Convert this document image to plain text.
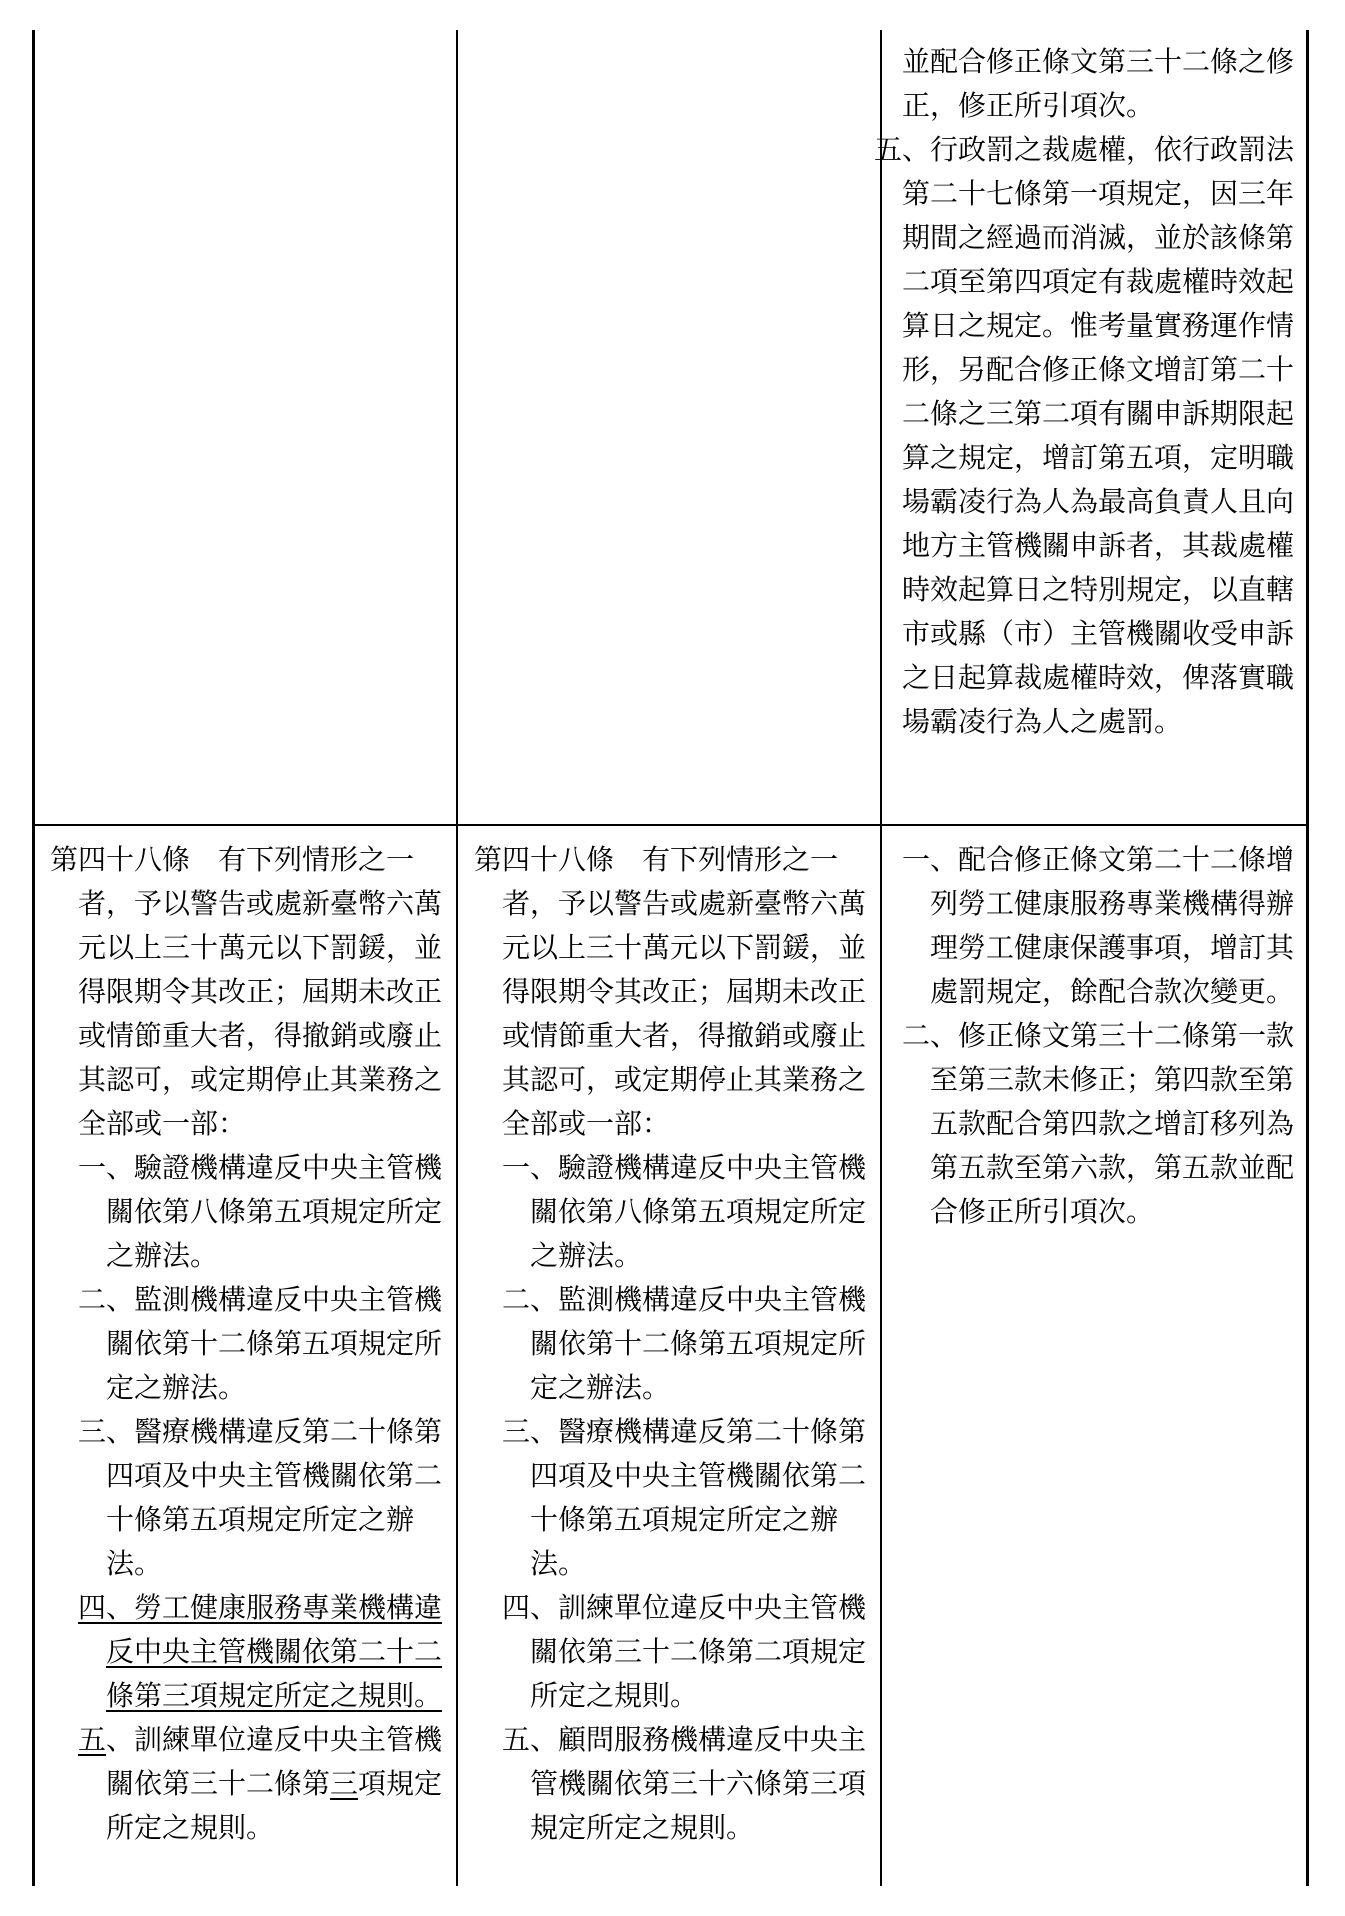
　並配合修正條文第三十二條之修正，修正所引項次。

五、行政罰之裁處權，依行政罰法第二十七條第一項規定，因三年期間之經過而消滅，並於該條第二項至第四項定有裁處權時效起算日之規定。惟考量實務運作情形，另配合修正條文增訂第二十二條之三第二項有關申訴期限起算之規定，增訂第五項，定明職場霸凌行為人為最高負責人且向地方主管機關申訴者，其裁處權時效起算日之特別規定，以直轄市或縣（市）主管機關收受申訴之日起算裁處權時效，俾落實職場霸凌行為人之處罰。

第四十八條　有下列情形之一者，予以警告或處新臺幣六萬元以上三十萬元以下罰鍰，並得限期令其改正；屆期未改正或情節重大者，得撤銷或廢止其認可，或定期停止其業務之全部或一部：

一、驗證機構違反中央主管機關依第八條第五項規定所定之辦法。

二、監測機構違反中央主管機關依第十二條第五項規定所定之辦法。

三、醫療機構違反第二十條第四項及中央主管機關依第二十條第五項規定所定之辦法。

四、勞工健康服務專業機構違反中央主管機關依第二十二條第三項規定所定之規則。

五、訓練單位違反中央主管機關依第三十二條第三項規定所定之規則。

第四十八條　有下列情形之一者，予以警告或處新臺幣六萬元以上三十萬元以下罰鍰，並得限期令其改正；屆期未改正或情節重大者，得撤銷或廢止其認可，或定期停止其業務之全部或一部：

一、驗證機構違反中央主管機關依第八條第五項規定所定之辦法。

二、監測機構違反中央主管機關依第十二條第五項規定所定之辦法。

三、醫療機構違反第二十條第四項及中央主管機關依第二十條第五項規定所定之辦法。

四、訓練單位違反中央主管機關依第三十二條第二項規定所定之規則。

五、顧問服務機構違反中央主管機關依第三十六條第三項規定所定之規則。

一、配合修正條文第二十二條增列勞工健康服務專業機構得辦理勞工健康保護事項，增訂其處罰規定，餘配合款次變更。

二、修正條文第三十二條第一款至第三款未修正；第四款至第五款配合第四款之增訂移列為第五款至第六款，第五款並配合修正所引項次。
